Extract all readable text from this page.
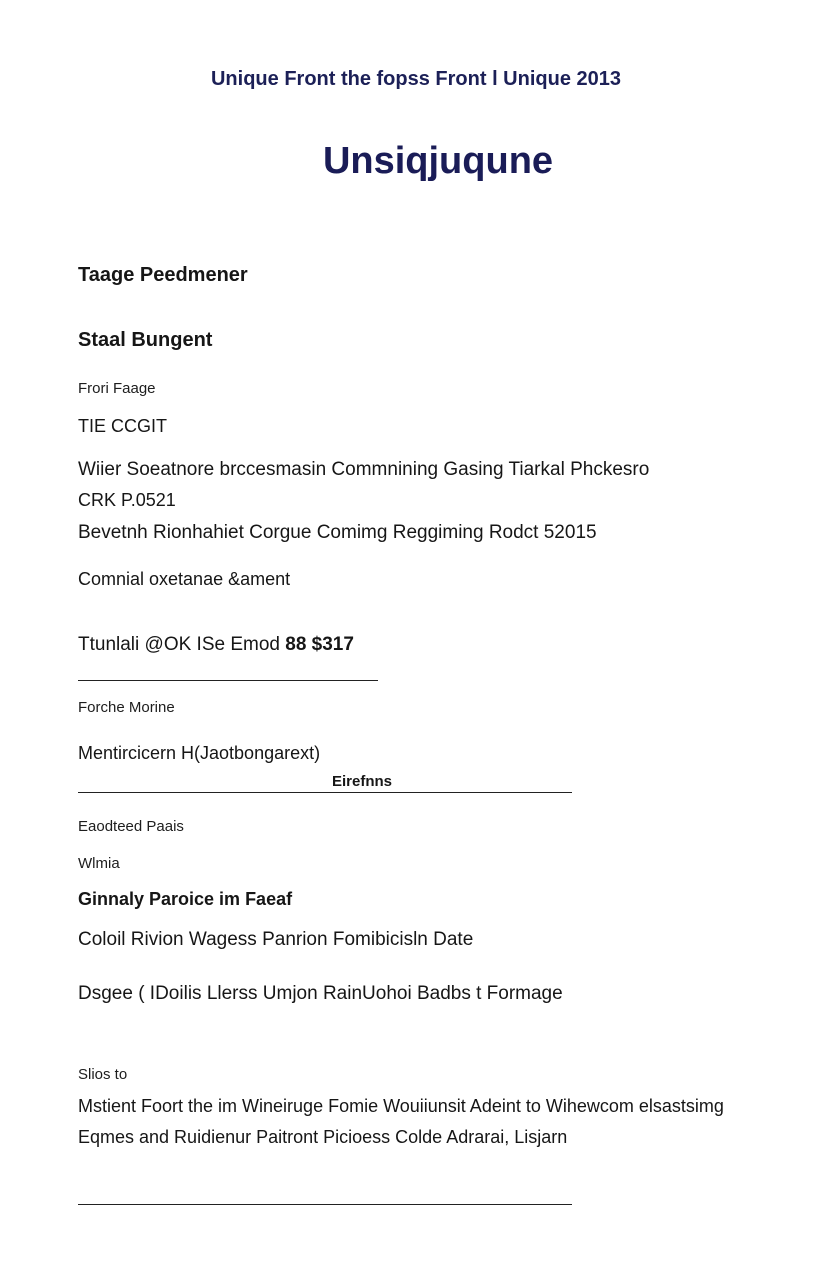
Unique Front the fopss Front l Unique 2013
Unsiqjuqune
Taage Peedmener
Staal Bungent
Frori Faage
TIE CCGIT
Wiier Soeatnore brccesmasin Commnining Gasing Tiarkal Phckesro
CRK P.0521
Bevetnh Rionhahiet Corgue Comimg Reggiming Rodct 52015
Comnial oxetanae &ament
Ttunlali @OK ISe Emod 88 $317
Forche Morine
Mentircicern H(Jaotbongarext)
Eirefnns
Eaodteed Paais
Wlmia
Ginnaly Paroice im Faeaf
Coloil Rivion Wagess Panrion Fomibicisln Date
Dsgee ( IDoilis Llerss Umjon RainUohoi Badbs t Formage
Slios to
Mstient Foort the im Wineiruge Fomie Wouiiunsit Adeint to Wihewcom elsastsimg
Eqmes and Ruidienur Paitront Picioess Colde Adrarai, Lisjarn
